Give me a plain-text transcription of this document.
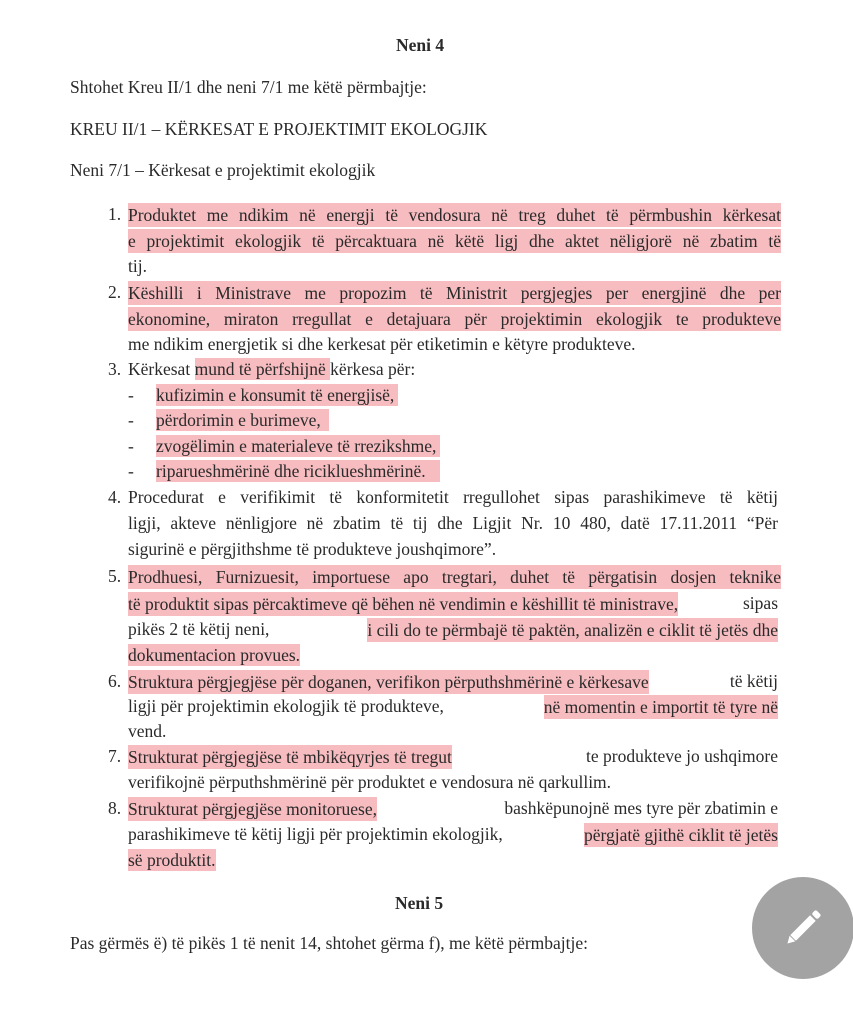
Neni 4
Shtohet Kreu II/1 dhe neni 7/1 me këtë përmbajtje:
KREU II/1 – KËRKESAT E PROJEKTIMIT EKOLOGJIK
Neni 7/1 – Kërkesat e projektimit ekologjik
1. Produktet me ndikim në energji të vendosura në treg duhet të përmbushin kërkesat
e projektimit ekologjik të përcaktuara në këtë ligj dhe aktet nëligjorë në zbatim të
tij.
2. Këshilli i Ministrave me propozim të Ministrit pergjegjes per energjinë dhe per
ekonomine, miraton rregullat e detajuara për projektimin ekologjik te produkteve
me ndikim energjetik si dhe kerkesat për etiketimin e këtyre produkteve.
3. Kërkesat mund të përfshijnë kërkesa për:
- kufizimin e konsumit të energjisë,
- përdorimin e burimeve,
- zvogëlimin e materialeve të rrezikshme,
- riparueshmërinë dhe riciklueshmërinë.
4. Procedurat e verifikimit të konformitetit rregullohet sipas parashikimeve të këtij
ligji, akteve nënligjore në zbatim të tij dhe Ligjit Nr. 10 480, datë 17.11.2011 “Për
sigurinë e përgjithshme të produkteve joushqimore”.
5. Prodhuesi, Furnizuesit, importuese apo tregtari, duhet të përgatisin dosjen teknike
të produktit sipas përcaktimeve që bëhen në vendimin e këshillit të ministrave,	sipas
pikës 2 të këtij neni,	i cili do te përmbajë të paktën, analizën e ciklit të jetës dhe
dokumentacion provues.
6. Struktura përgjegjëse për doganen, verifikon përputhshmërinë e kërkesave	të këtij
ligji për projektimin ekologjik të produkteve,	në momentin e importit të tyre në
vend.
7. Strukturat përgjegjëse të mbikëqyrjes të tregut	te produkteve jo ushqimore
verifikojnë përputhshmërinë për produktet e vendosura në qarkullim.
8. Strukturat përgjegjëse monitoruese,	bashkëpunojnë mes tyre për zbatimin e
parashikimeve të këtij ligji për projektimin ekologjik,	përgjatë gjithë ciklit të jetës
së produktit.
Neni 5
Pas gërmës ë) të pikës 1 të nenit 14, shtohet gërma f), me këtë përmbajtje:
